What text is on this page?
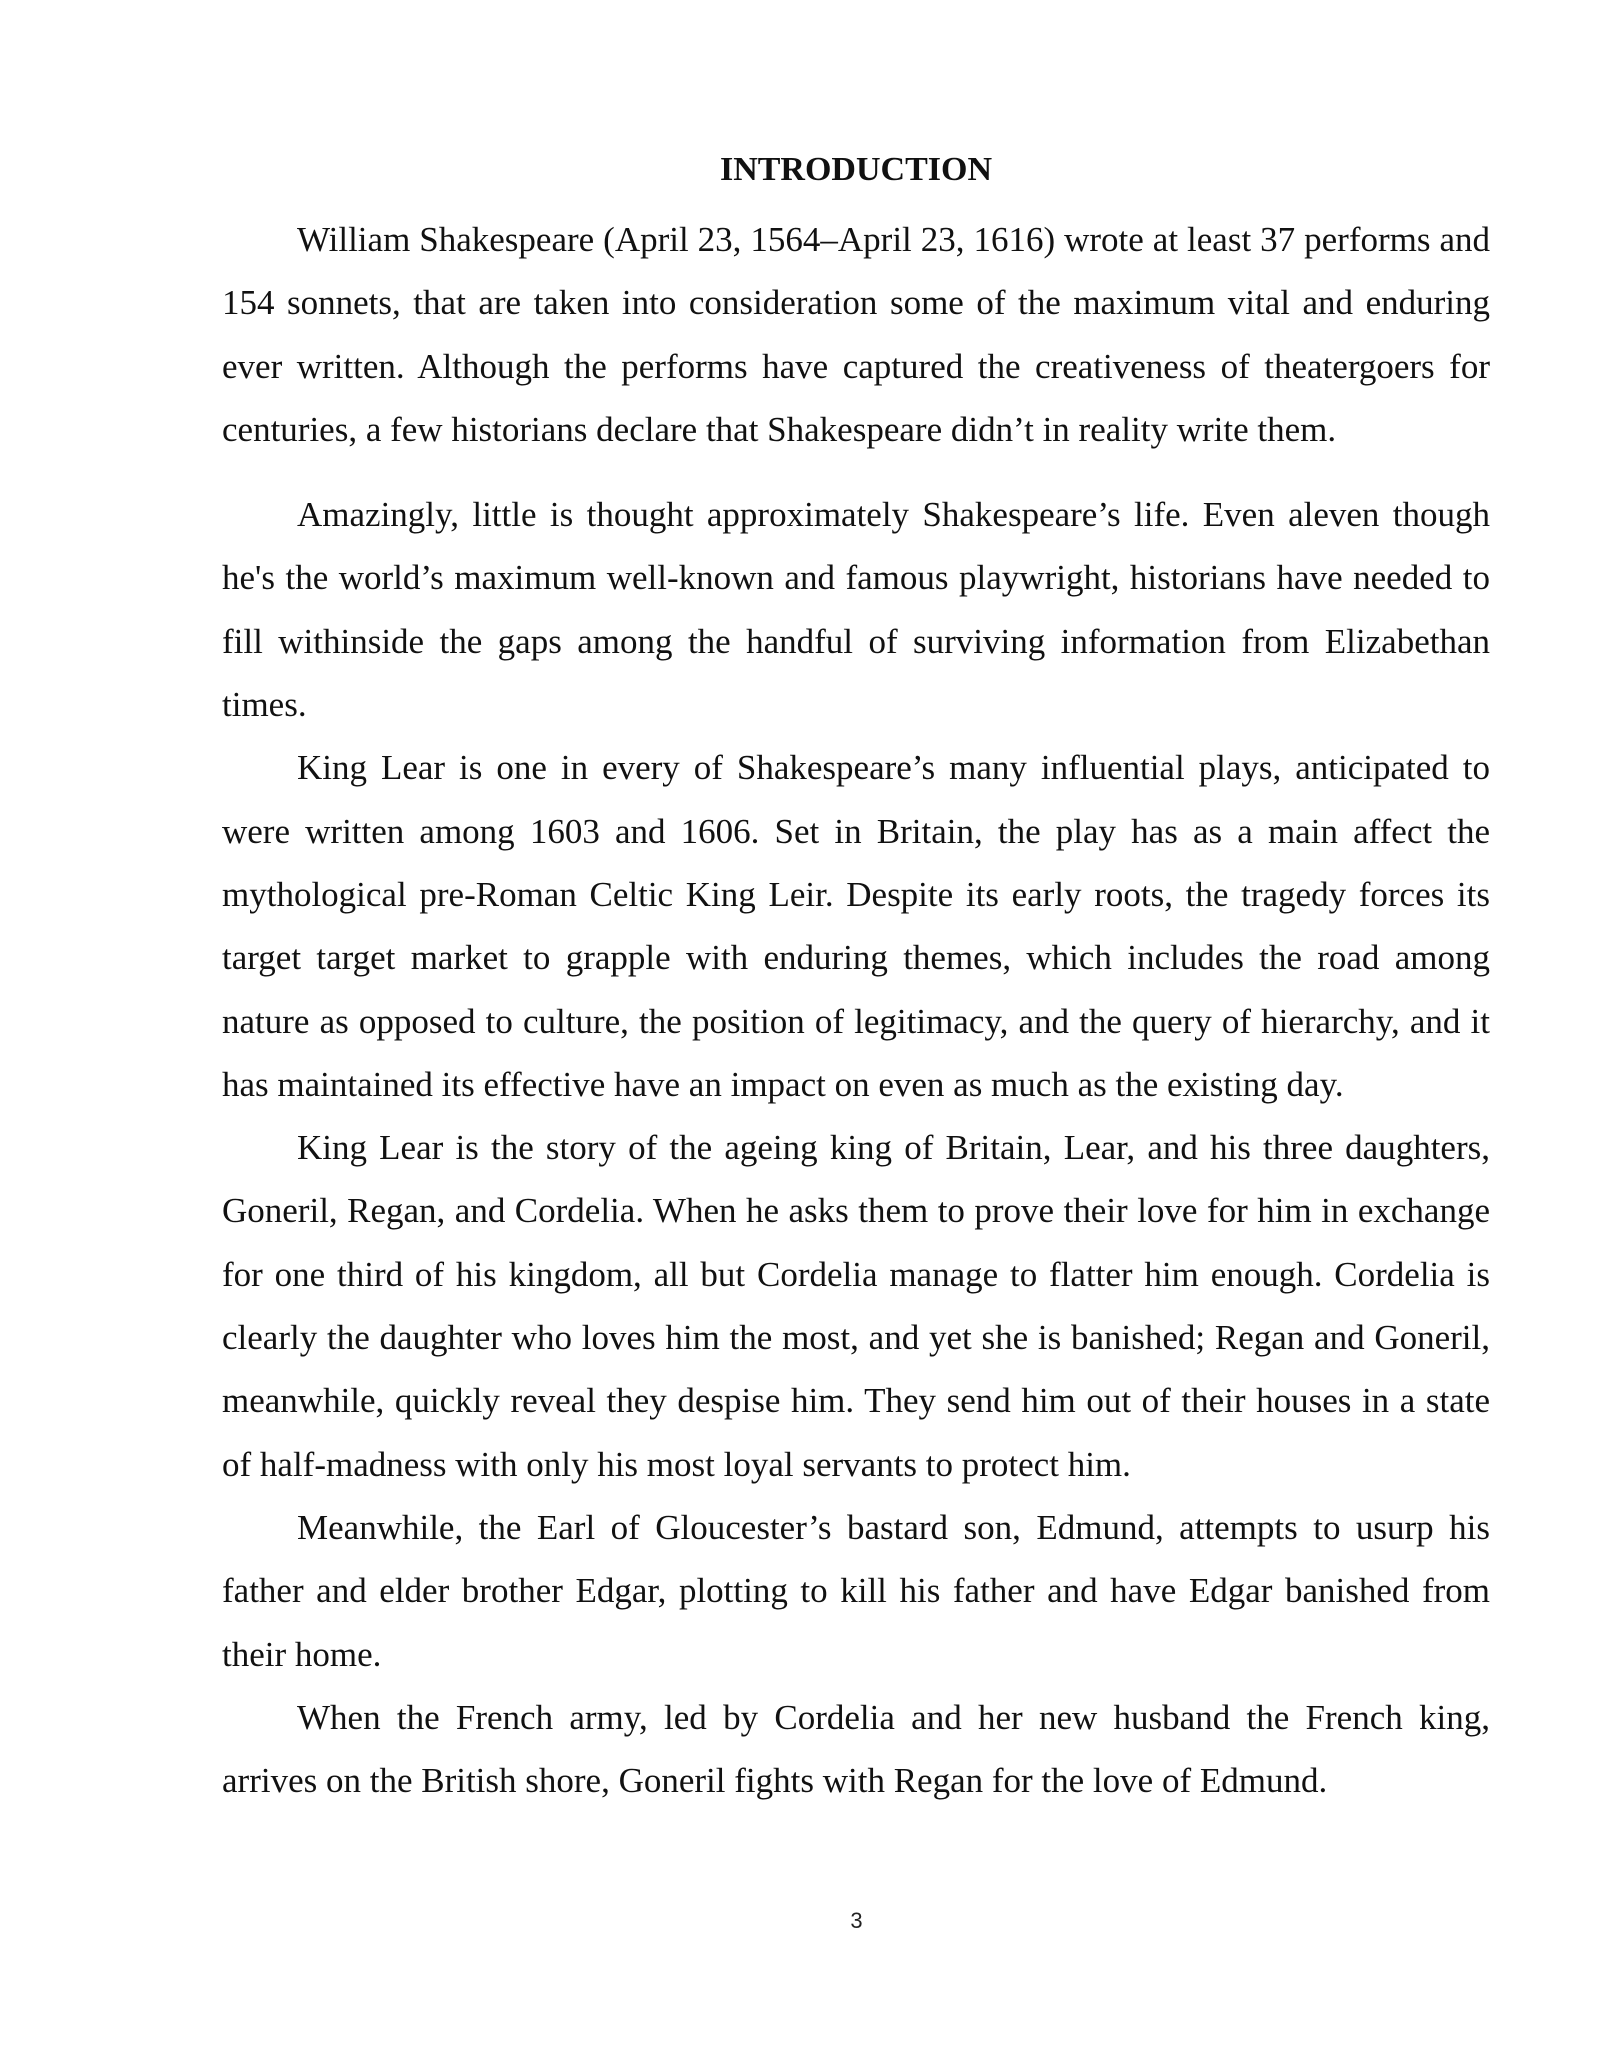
INTRODUCTION

William Shakespeare (April 23, 1564–April 23, 1616) wrote at least 37 performs and 154 sonnets, that are taken into consideration some of the maximum vital and enduring ever written. Although the performs have captured the creativeness of theatergoers for centuries, a few historians declare that Shakespeare didn’t in reality write them.

Amazingly, little is thought approximately Shakespeare’s life. Even aleven though he's the world’s maximum well-known and famous playwright, historians have needed to fill withinside the gaps among the handful of surviving information from Elizabethan times.

King Lear is one in every of Shakespeare’s many influential plays, anticipated to were written among 1603 and 1606. Set in Britain, the play has as a main affect the mythological pre-Roman Celtic King Leir. Despite its early roots, the tragedy forces its target target market to grapple with enduring themes, which includes the road among nature as opposed to culture, the position of legitimacy, and the query of hierarchy, and it has maintained its effective have an impact on even as much as the existing day.

King Lear is the story of the ageing king of Britain, Lear, and his three daughters, Goneril, Regan, and Cordelia. When he asks them to prove their love for him in exchange for one third of his kingdom, all but Cordelia manage to flatter him enough. Cordelia is clearly the daughter who loves him the most, and yet she is banished; Regan and Goneril, meanwhile, quickly reveal they despise him. They send him out of their houses in a state of half-madness with only his most loyal servants to protect him.

Meanwhile, the Earl of Gloucester’s bastard son, Edmund, attempts to usurp his father and elder brother Edgar, plotting to kill his father and have Edgar banished from their home.

When the French army, led by Cordelia and her new husband the French king, arrives on the British shore, Goneril fights with Regan for the love of Edmund.

3
